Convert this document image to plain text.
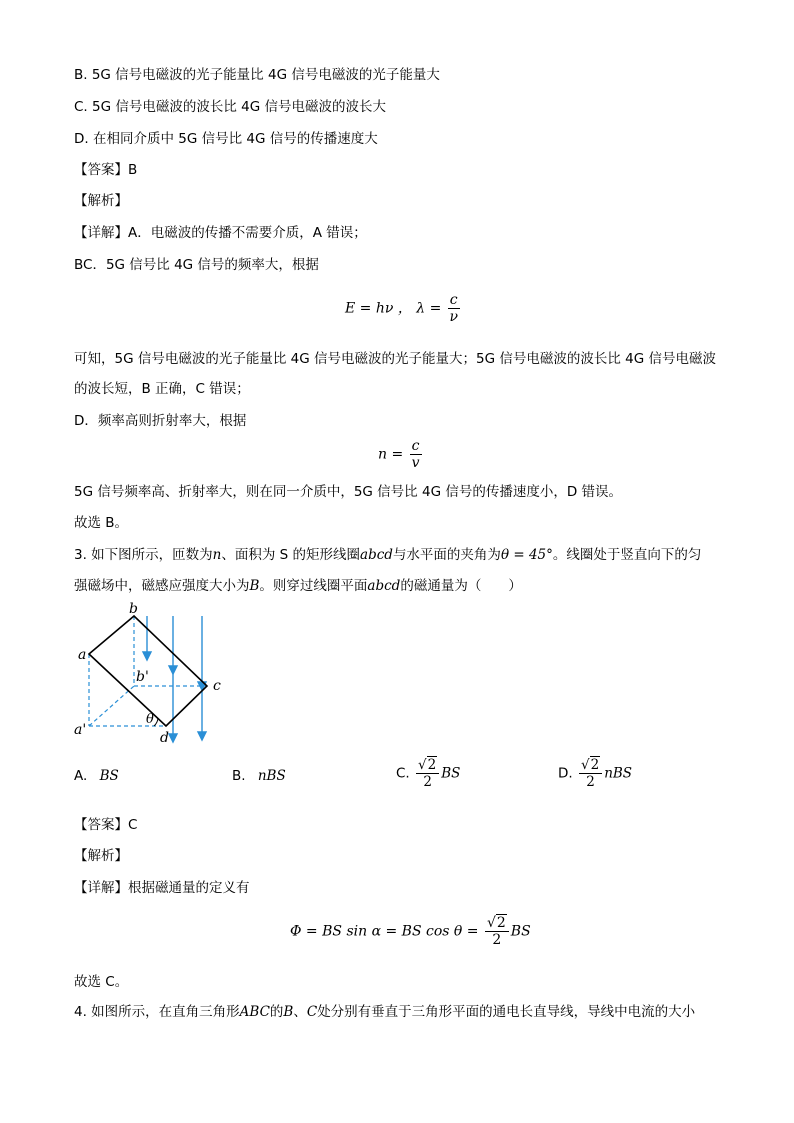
B. 5G 信号电磁波的光子能量比 4G 信号电磁波的光子能量大
C. 5G 信号电磁波的波长比 4G 信号电磁波的波长大
D. 在相同介质中 5G 信号比 4G 信号的传播速度大
【答案】B
【解析】
【详解】A．电磁波的传播不需要介质，A 错误；
BC．5G 信号比 4G 信号的频率大，根据
E = hν ， $\lambda = \frac{c}{\nu}$
可知，5G 信号电磁波的光子能量比 4G 信号电磁波的光子能量大；5G 信号电磁波的波长比 4G 信号电磁波
的波长短，B 正确，C 错误；
D．频率高则折射率大，根据
$n = \frac{c}{v}$
5G 信号频率高、折射率大，则在同一介质中，5G 信号比 4G 信号的传播速度小，D 错误。
故选 B。
3. 如下图所示，匝数为n、面积为 S 的矩形线圈abcd与水平面的夹角为θ = 45°。线圈处于竖直向下的匀
强磁场中，磁感应强度大小为B。则穿过线圈平面abcd的磁通量为（　　）
a
b
c
d
a'
b'
θ
A. BS	B. nBS	C. $\frac{√2}{2}$ BS	D. $\frac{√2}{2}$ nBS
【答案】C
【解析】
【详解】根据磁通量的定义有
Φ = BS sin α = BS $\cos \theta = \frac{√2}{2}$ BS
故选 C。
4. 如图所示，在直角三角形ABC的B、C处分别有垂直于三角形平面的通电长直导线，导线中电流的大小
